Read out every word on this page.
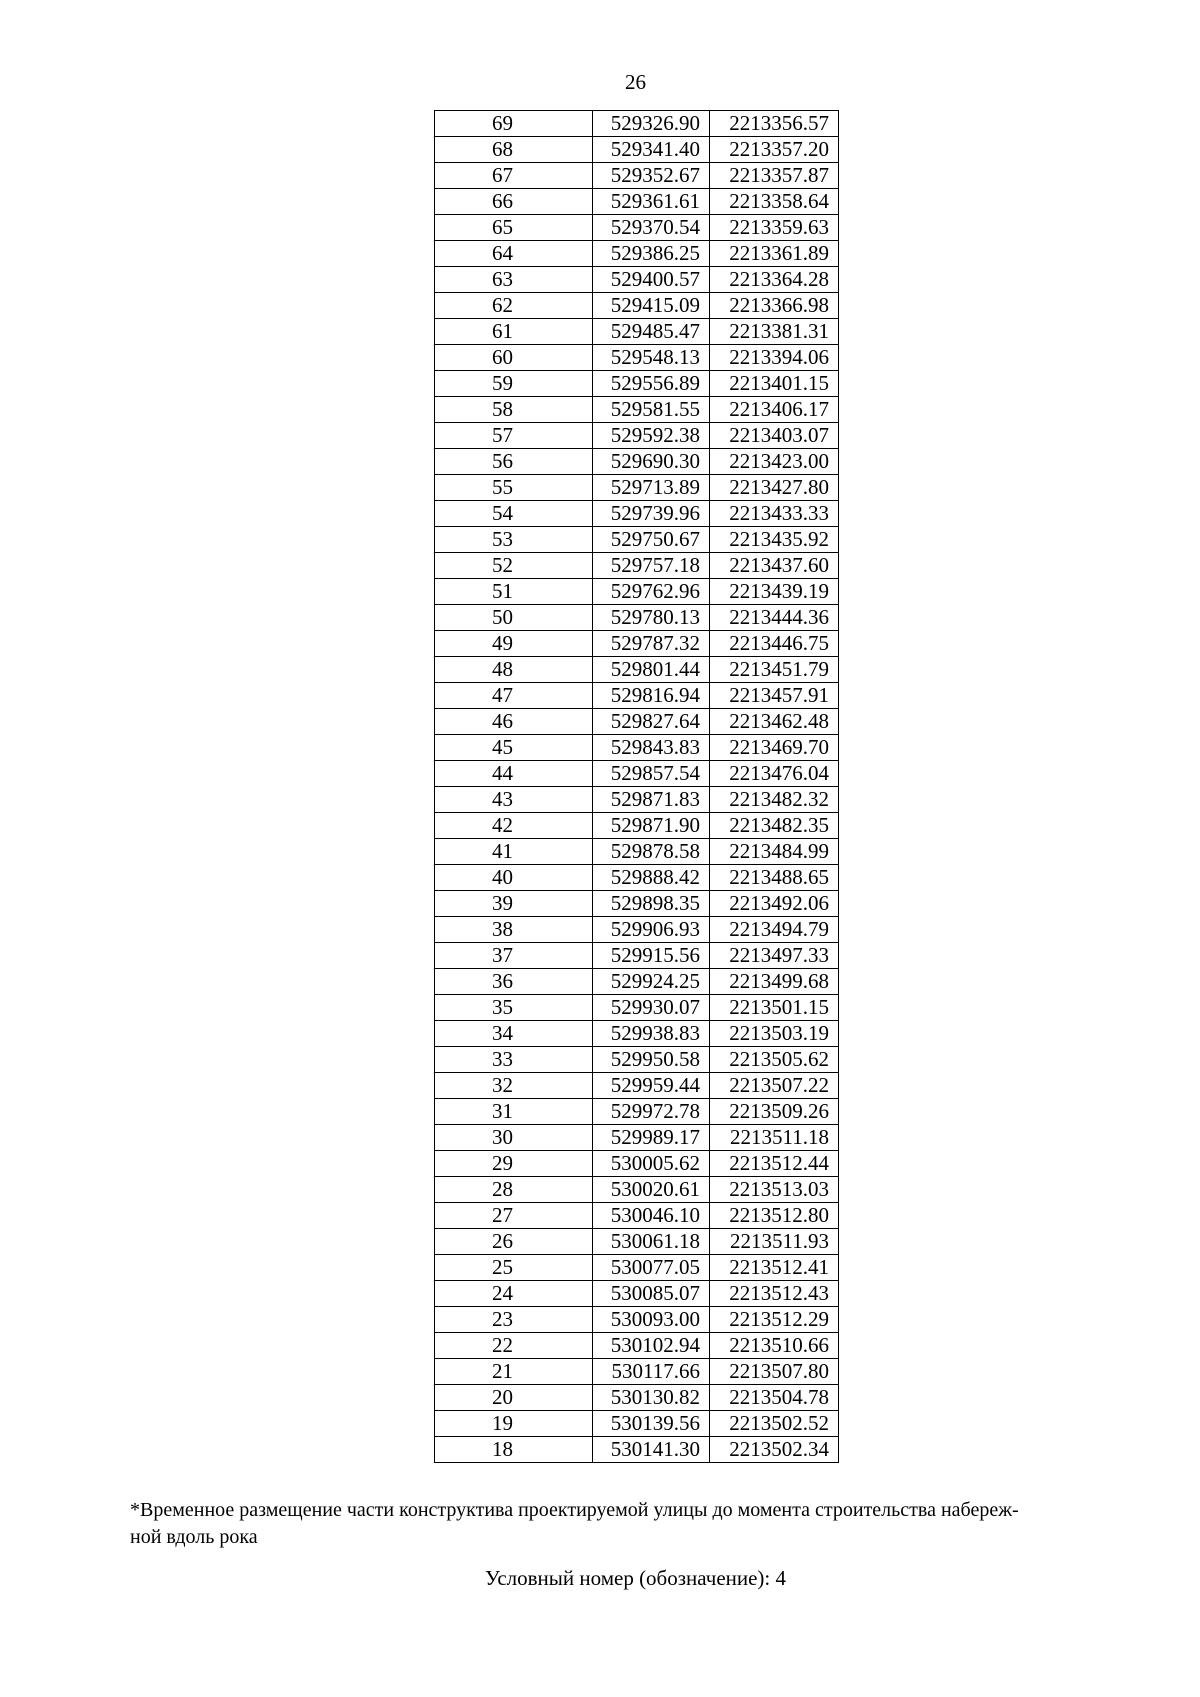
26
69	529326.90	2213356.57
68	529341.40	2213357.20
67	529352.67	2213357.87
66	529361.61	2213358.64
65	529370.54	2213359.63
64	529386.25	2213361.89
63	529400.57	2213364.28
62	529415.09	2213366.98
61	529485.47	2213381.31
60	529548.13	2213394.06
59	529556.89	2213401.15
58	529581.55	2213406.17
57	529592.38	2213403.07
56	529690.30	2213423.00
55	529713.89	2213427.80
54	529739.96	2213433.33
53	529750.67	2213435.92
52	529757.18	2213437.60
51	529762.96	2213439.19
50	529780.13	2213444.36
49	529787.32	2213446.75
48	529801.44	2213451.79
47	529816.94	2213457.91
46	529827.64	2213462.48
45	529843.83	2213469.70
44	529857.54	2213476.04
43	529871.83	2213482.32
42	529871.90	2213482.35
41	529878.58	2213484.99
40	529888.42	2213488.65
39	529898.35	2213492.06
38	529906.93	2213494.79
37	529915.56	2213497.33
36	529924.25	2213499.68
35	529930.07	2213501.15
34	529938.83	2213503.19
33	529950.58	2213505.62
32	529959.44	2213507.22
31	529972.78	2213509.26
30	529989.17	2213511.18
29	530005.62	2213512.44
28	530020.61	2213513.03
27	530046.10	2213512.80
26	530061.18	2213511.93
25	530077.05	2213512.41
24	530085.07	2213512.43
23	530093.00	2213512.29
22	530102.94	2213510.66
21	530117.66	2213507.80
20	530130.82	2213504.78
19	530139.56	2213502.52
18	530141.30	2213502.34
*Временное размещение части конструктива проектируемой улицы до момента строительства набереж-
ной вдоль рока
Условный номер (обозначение): 4
